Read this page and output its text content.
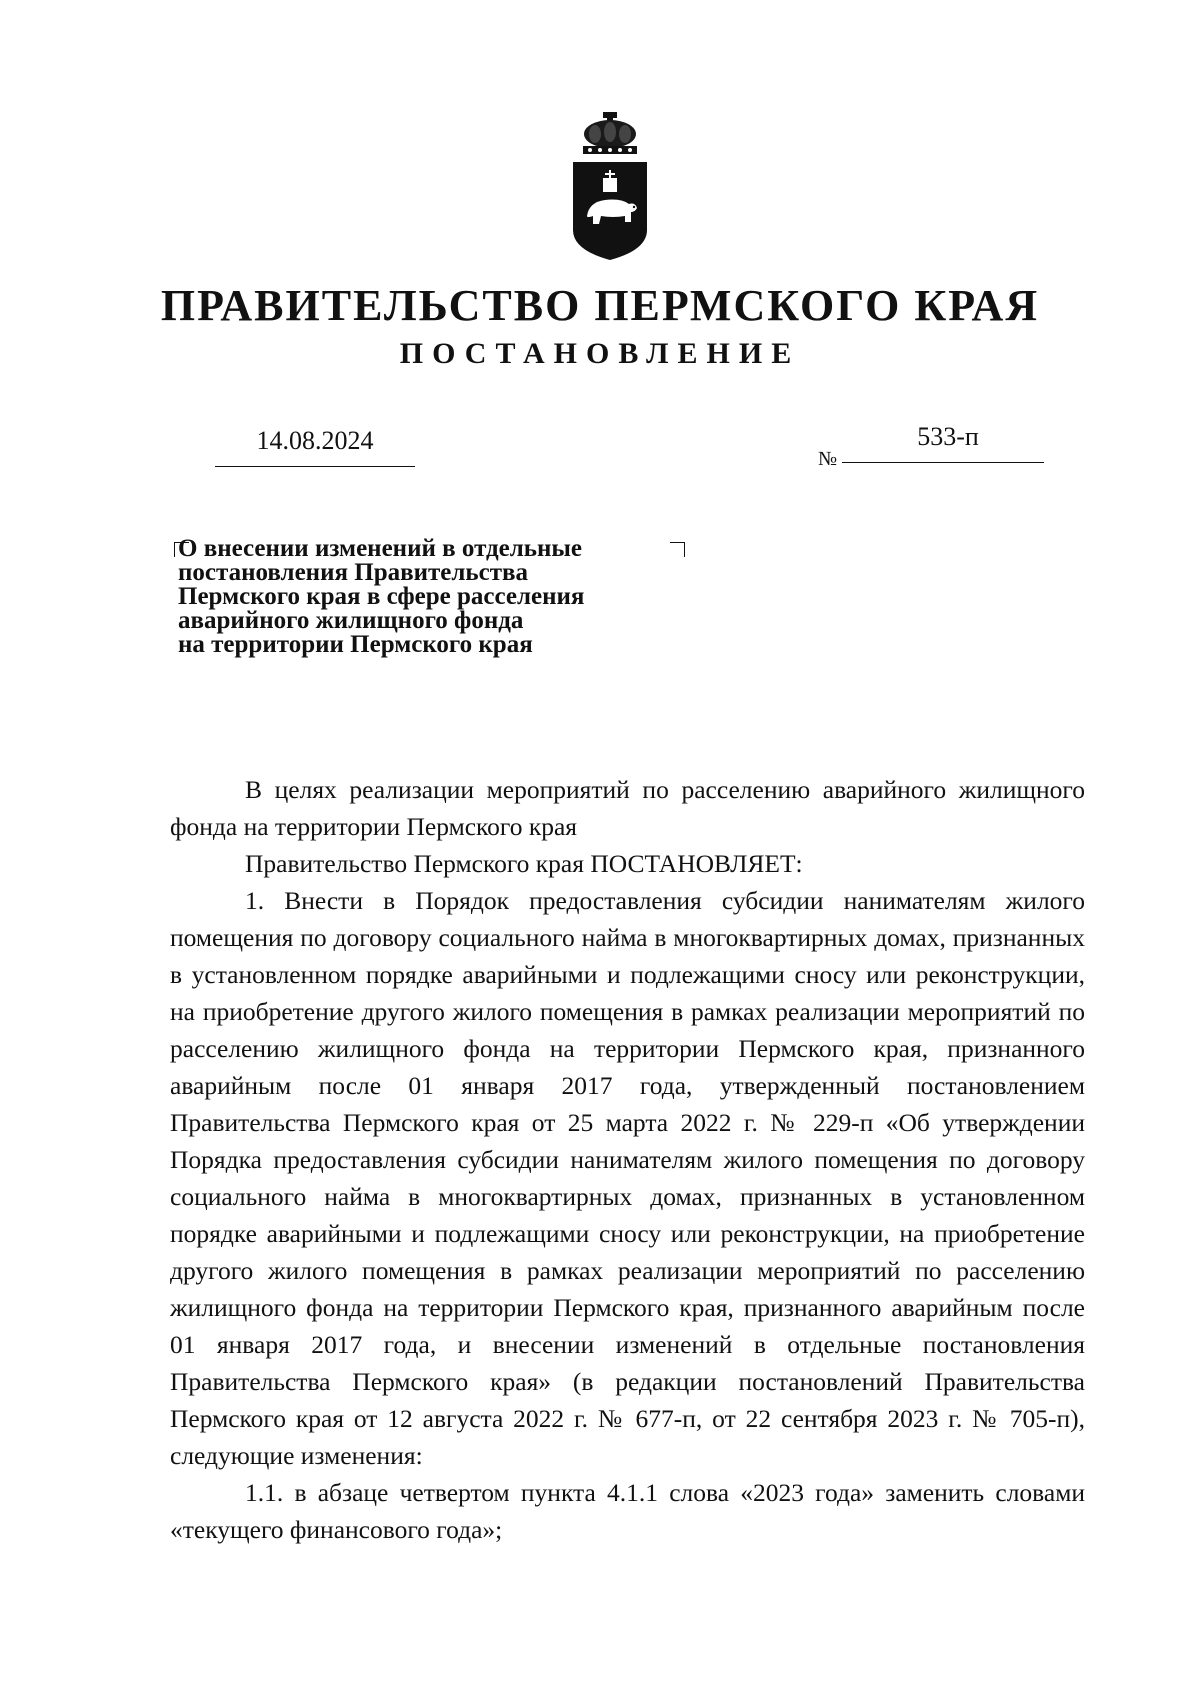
ПРАВИТЕЛЬСТВО ПЕРМСКОГО КРАЯ
ПОСТАНОВЛЕНИЕ
14.08.2024
№
533-п
О внесении изменений в отдельные
постановления Правительства
Пермского края в сфере расселения
аварийного жилищного фонда
на территории Пермского края

В целях реализации мероприятий по расселению аварийного жилищного фонда на территории Пермского края

Правительство Пермского края ПОСТАНОВЛЯЕТ:

1. Внести в Порядок предоставления субсидии нанимателям жилого помещения по договору социального найма в многоквартирных домах, признанных в установленном порядке аварийными и подлежащими сносу или реконструкции, на приобретение другого жилого помещения в рамках реализации мероприятий по расселению жилищного фонда на территории Пермского края, признанного аварийным после 01 января 2017 года, утвержденный постановлением Правительства Пермского края от 25 марта 2022 г. № 229-п «Об утверждении Порядка предоставления субсидии нанимателям жилого помещения по договору социального найма в многоквартирных домах, признанных в установленном порядке аварийными и подлежащими сносу или реконструкции, на приобретение другого жилого помещения в рамках реализации мероприятий по расселению жилищного фонда на территории Пермского края, признанного аварийным после 01 января 2017 года, и внесении изменений в отдельные постановления Правительства Пермского края» (в редакции постановлений Правительства Пермского края от 12 августа 2022 г. № 677-п, от 22 сентября 2023 г. № 705-п), следующие изменения:

1.1. в абзаце четвертом пункта 4.1.1 слова «2023 года» заменить словами «текущего финансового года»;
